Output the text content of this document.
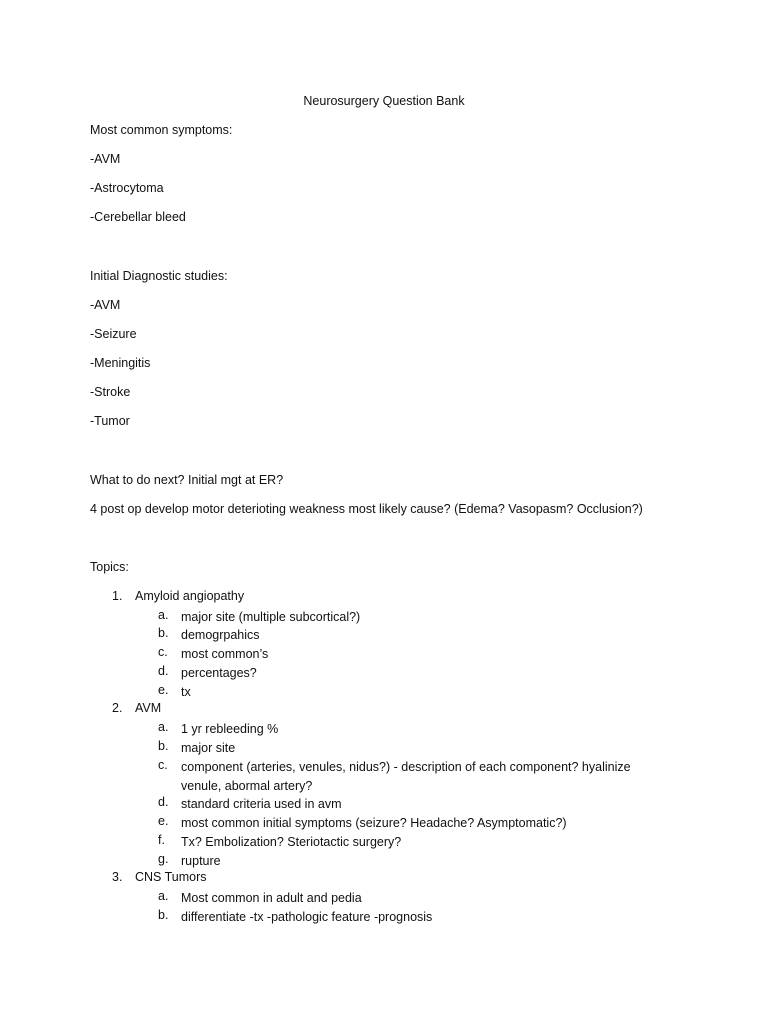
Neurosurgery Question Bank
Most common symptoms:
-AVM
-Astrocytoma
-Cerebellar bleed
Initial Diagnostic studies:
-AVM
-Seizure
-Meningitis
-Stroke
-Tumor
What to do next? Initial mgt at ER?
4 post op develop motor deterioting weakness most likely cause? (Edema? Vasopasm? Occlusion?)
Topics:
1. Amyloid angiopathy
a. major site (multiple subcortical?)
b. demogrpahics
c. most common’s
d. percentages?
e. tx
2. AVM
a. 1 yr rebleeding %
b. major site
c. component (arteries, venules, nidus?) - description of each component? hyalinize venule, abormal artery?
d. standard criteria used in avm
e. most common initial symptoms (seizure? Headache? Asymptomatic?)
f. Tx? Embolization? Steriotactic surgery?
g. rupture
3. CNS Tumors
a. Most common in adult and pedia
b. differentiate -tx -pathologic feature -prognosis
